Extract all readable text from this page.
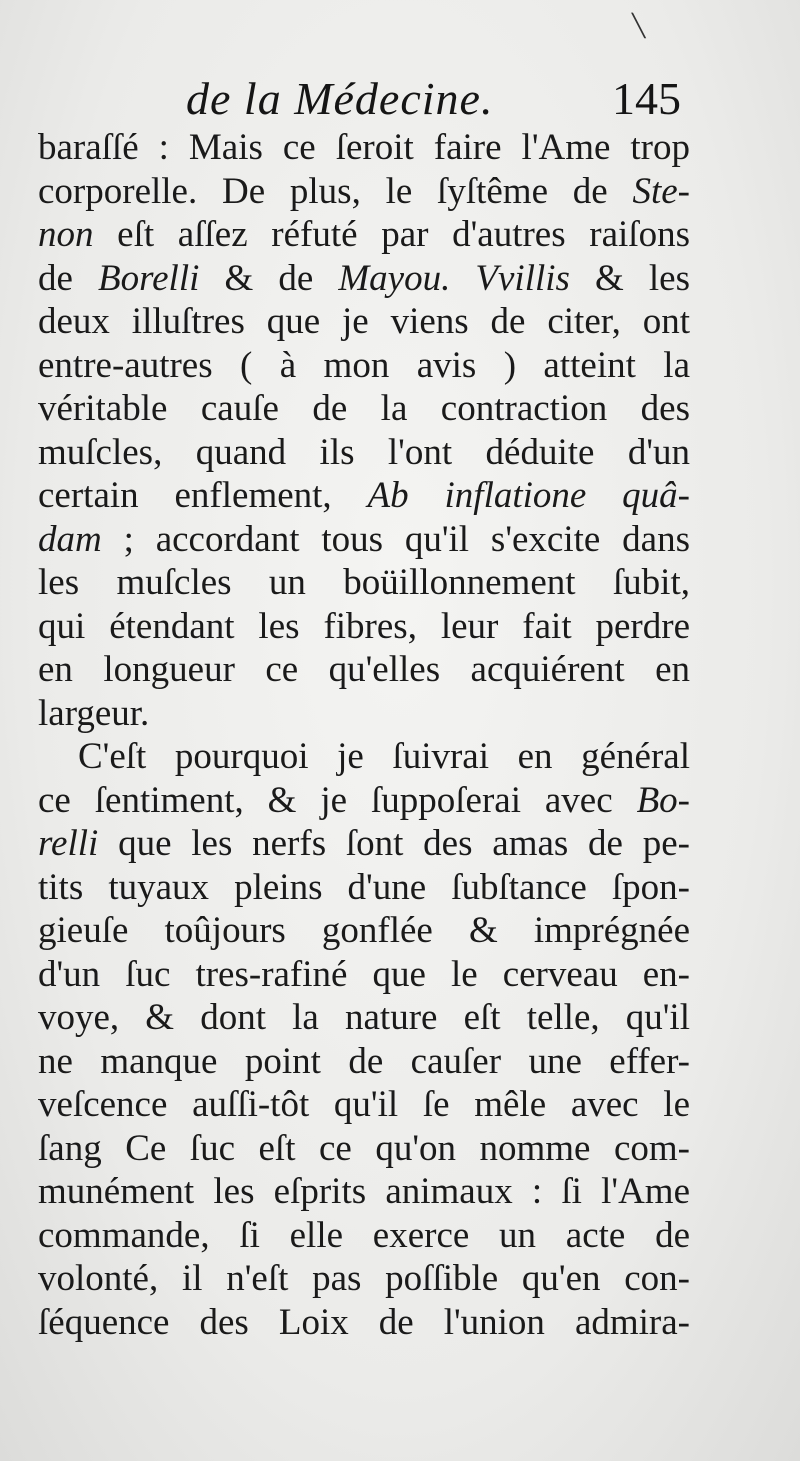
╲
de la Médecine.	145
baraſſé : Mais ce ſeroit faire l'Ame trop
corporelle. De plus, le ſyſtême de Ste-
non eſt aſſez réfuté par d'autres raiſons
de Borelli & de Mayou. Vvillis & les
deux illuſtres que je viens de citer, ont
entre-autres ( à mon avis ) atteint la
véritable cauſe de la contraction des
muſcles, quand ils l'ont déduite d'un
certain enflement, Ab inflatione quâ-
dam ; accordant tous qu'il s'excite dans
les muſcles un boüillonnement ſubit,
qui étendant les fibres, leur fait perdre
en longueur ce qu'elles acquiérent en
largeur.
C'eſt pourquoi je ſuivrai en général
ce ſentiment, & je ſuppoſerai avec Bo-
relli que les nerfs ſont des amas de pe-
tits tuyaux pleins d'une ſubſtance ſpon-
gieuſe toûjours gonflée & imprégnée
d'un ſuc tres-rafiné que le cerveau en-
voye, & dont la nature eſt telle, qu'il
ne manque point de cauſer une effer-
veſcence auſſi-tôt qu'il ſe mêle avec le
ſang Ce ſuc eſt ce qu'on nomme com-
munément les eſprits animaux : ſi l'Ame
commande, ſi elle exerce un acte de
volonté, il n'eſt pas poſſible qu'en con-
ſéquence des Loix de l'union admira-
